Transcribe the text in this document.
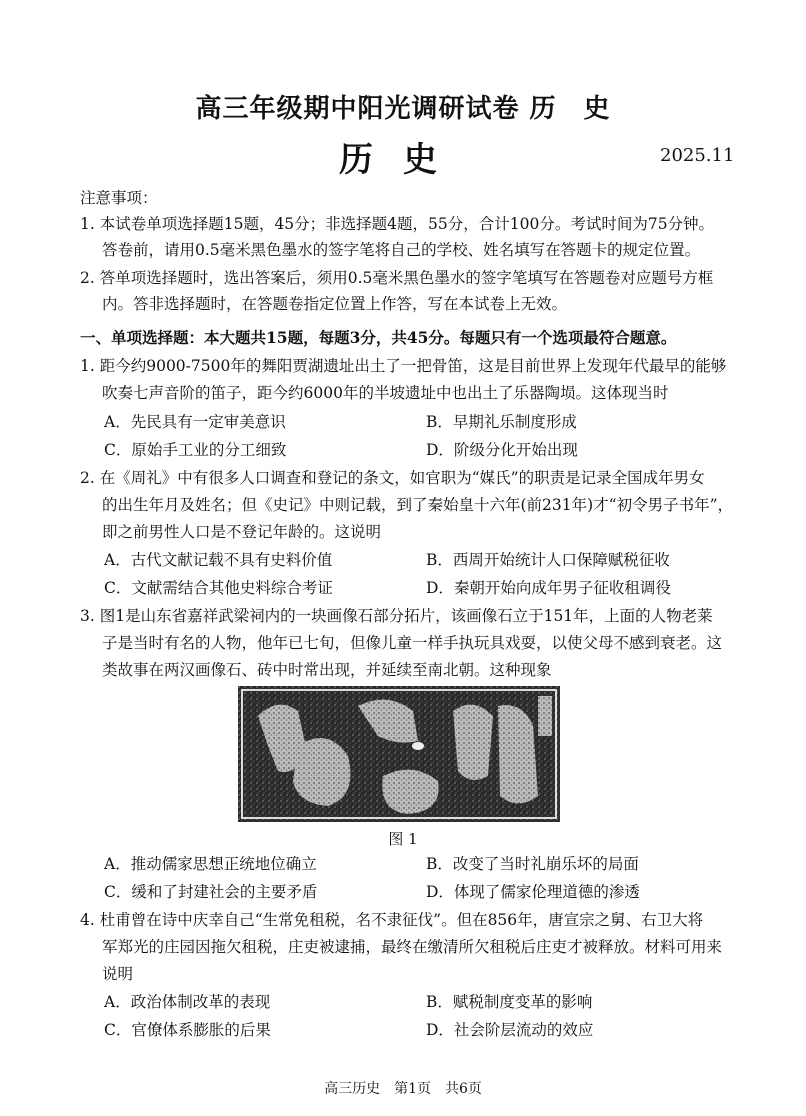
高三年级期中阳光调研试卷 历　史
历史	2025.11
注意事项：
1. 本试卷单项选择题15题，45分；非选择题4题，55分，合计100分。考试时间为75分钟。
答卷前，请用0.5毫米黑色墨水的签字笔将自己的学校、姓名填写在答题卡的规定位置。
2. 答单项选择题时，选出答案后，须用0.5毫米黑色墨水的签字笔填写在答题卷对应题号方框
内。答非选择题时，在答题卷指定位置上作答，写在本试卷上无效。
一、单项选择题：本大题共15题，每题3分，共45分。每题只有一个选项最符合题意。
1. 距今约9000-7500年的舞阳贾湖遗址出土了一把骨笛，这是目前世界上发现年代最早的能够
吹奏七声音阶的笛子，距今约6000年的半坡遗址中也出土了乐器陶埙。这体现当时
A．先民具有一定审美意识	B．早期礼乐制度形成
C．原始手工业的分工细致	D．阶级分化开始出现
2. 在《周礼》中有很多人口调查和登记的条文，如官职为“媒氏”的职责是记录全国成年男女
的出生年月及姓名；但《史记》中则记载，到了秦始皇十六年(前231年)才“初令男子书年”，
即之前男性人口是不登记年龄的。这说明
A．古代文献记载不具有史料价值	B．西周开始统计人口保障赋税征收
C．文献需结合其他史料综合考证	D．秦朝开始向成年男子征收租调役
3. 图1是山东省嘉祥武梁祠内的一块画像石部分拓片，该画像石立于151年，上面的人物老莱
子是当时有名的人物，他年已七旬，但像儿童一样手执玩具戏耍，以使父母不感到衰老。这
类故事在两汉画像石、砖中时常出现，并延续至南北朝。这种现象
图 1
A．推动儒家思想正统地位确立	B．改变了当时礼崩乐坏的局面
C．缓和了封建社会的主要矛盾	D．体现了儒家伦理道德的渗透
4. 杜甫曾在诗中庆幸自己“生常免租税，名不隶征伐”。但在856年，唐宣宗之舅、右卫大将
军郑光的庄园因拖欠租税，庄吏被逮捕，最终在缴清所欠租税后庄吏才被释放。材料可用来
说明
A．政治体制改革的表现	B．赋税制度变革的影响
C．官僚体系膨胀的后果	D．社会阶层流动的效应
高三历史　第1页　共6页
